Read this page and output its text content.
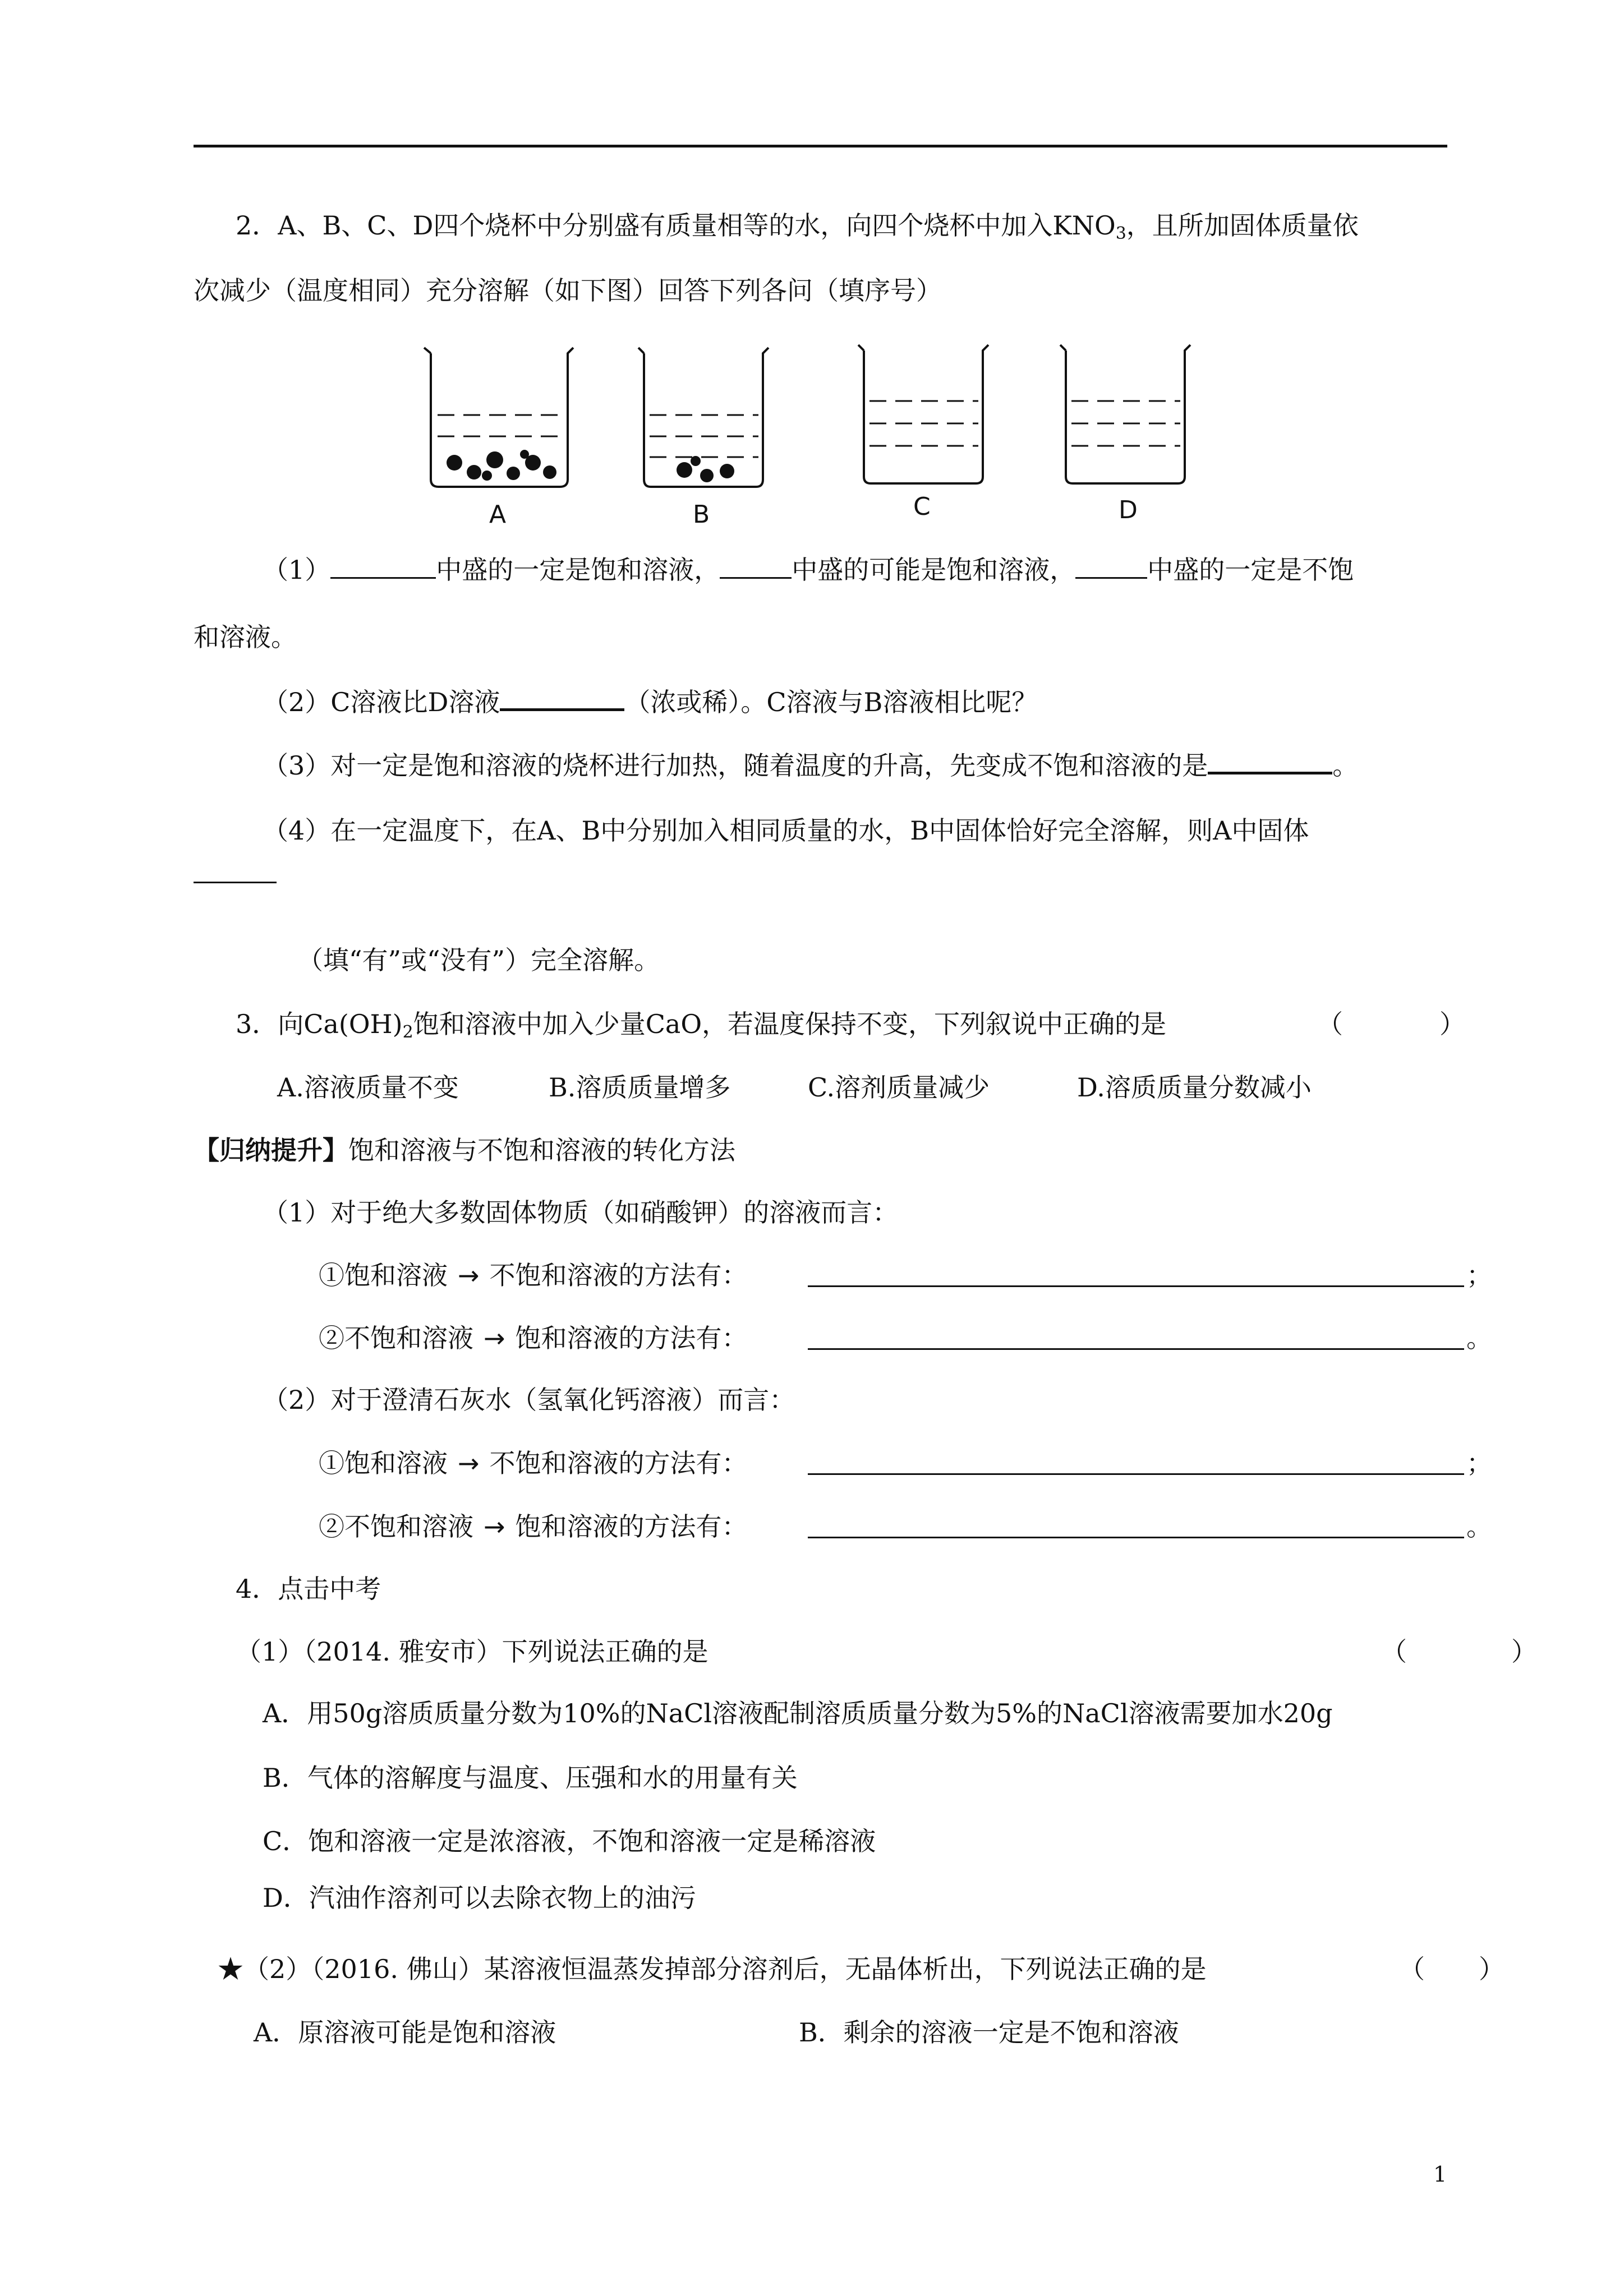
2．A、B、C、D四个烧杯中分别盛有质量相等的水，向四个烧杯中加入$KNO_3$，且所加固体质量依
次减少（温度相同）充分溶解（如下图）回答下列各问（填序号）
A	B	C	D
（1）	中盛的一定是饱和溶液，	中盛的可能是饱和溶液，	中盛的一定是不饱
和溶液。
（2）C溶液比D溶液	（浓或稀）。C溶液与B溶液相比呢？
（3）对一定是饱和溶液的烧杯进行加热，随着温度的升高，先变成不饱和溶液的是	。
（4）在一定温度下，在A、B中分别加入相同质量的水，B中固体恰好完全溶解，则A中固体
（填“有”或“没有”）完全溶解。
3．向$Ca(OH)_2$饱和溶液中加入少量CaO，若温度保持不变，下列叙说中正确的是	（	）
A.溶液质量不变	B.溶质质量增多	C.溶剂质量减少	D.溶质质量分数减小
【归纳提升】饱和溶液与不饱和溶液的转化方法
（1）对于绝大多数固体物质（如硝酸钾）的溶液而言：
①饱和溶液 → 不饱和溶液的方法有：	；
②不饱和溶液 → 饱和溶液的方法有：	。
（2）对于澄清石灰水（氢氧化钙溶液）而言：
①饱和溶液 → 不饱和溶液的方法有：	；
②不饱和溶液 → 饱和溶液的方法有：	。
4．点击中考
（1）（2014. 雅安市）下列说法正确的是	（	）
A．用50g溶质质量分数为10%的NaCl溶液配制溶质质量分数为5%的NaCl溶液需要加水20g
B．气体的溶解度与温度、压强和水的用量有关
C．饱和溶液一定是浓溶液，不饱和溶液一定是稀溶液
D．汽油作溶剂可以去除衣物上的油污
★（2）（2016. 佛山）某溶液恒温蒸发掉部分溶剂后，无晶体析出，下列说法正确的是	（ ）
A．原溶液可能是饱和溶液	B．剩余的溶液一定是不饱和溶液
1
